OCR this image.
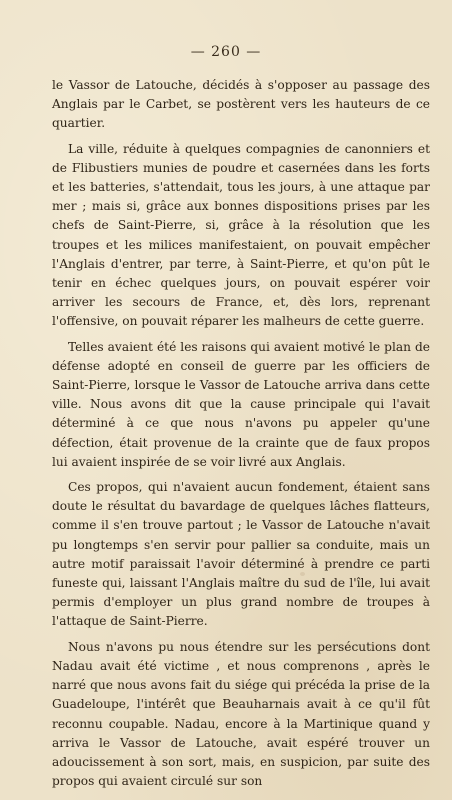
— 260 —

le Vassor de Latouche, décidés à s'opposer au passage des Anglais par le Carbet, se postèrent vers les hauteurs de ce quartier.

La ville, réduite à quelques compagnies de canonniers et de Flibustiers munies de poudre et casernées dans les forts et les batteries, s'attendait, tous les jours, à une attaque par mer ; mais si, grâce aux bonnes dispositions prises par les chefs de Saint-Pierre, si, grâce à la résolution que les troupes et les milices manifestaient, on pouvait empêcher l'Anglais d'entrer, par terre, à Saint-Pierre, et qu'on pût le tenir en échec quelques jours, on pouvait espérer voir arriver les secours de France, et, dès lors, reprenant l'offensive, on pouvait réparer les malheurs de cette guerre.

Telles avaient été les raisons qui avaient motivé le plan de défense adopté en conseil de guerre par les officiers de Saint-Pierre, lorsque le Vassor de Latouche arriva dans cette ville. Nous avons dit que la cause principale qui l'avait déterminé à ce que nous n'avons pu appeler qu'une défection, était provenue de la crainte que de faux propos lui avaient inspirée de se voir livré aux Anglais.

Ces propos, qui n'avaient aucun fondement, étaient sans doute le résultat du bavardage de quelques lâches flatteurs, comme il s'en trouve partout ; le Vassor de Latouche n'avait pu longtemps s'en servir pour pallier sa conduite, mais un autre motif paraissait l'avoir déterminé à prendre ce parti funeste qui, laissant l'Anglais maître du sud de l'île, lui avait permis d'employer un plus grand nombre de troupes à l'attaque de Saint-Pierre.

Nous n'avons pu nous étendre sur les persécutions dont Nadau avait été victime , et nous comprenons , après le narré que nous avons fait du siége qui précéda la prise de la Guadeloupe, l'intérêt que Beauharnais avait à ce qu'il fût reconnu coupable. Nadau, encore à la Martinique quand y arriva le Vassor de Latouche, avait espéré trouver un adoucissement à son sort, mais, en suspicion, par suite des propos qui avaient circulé sur son
